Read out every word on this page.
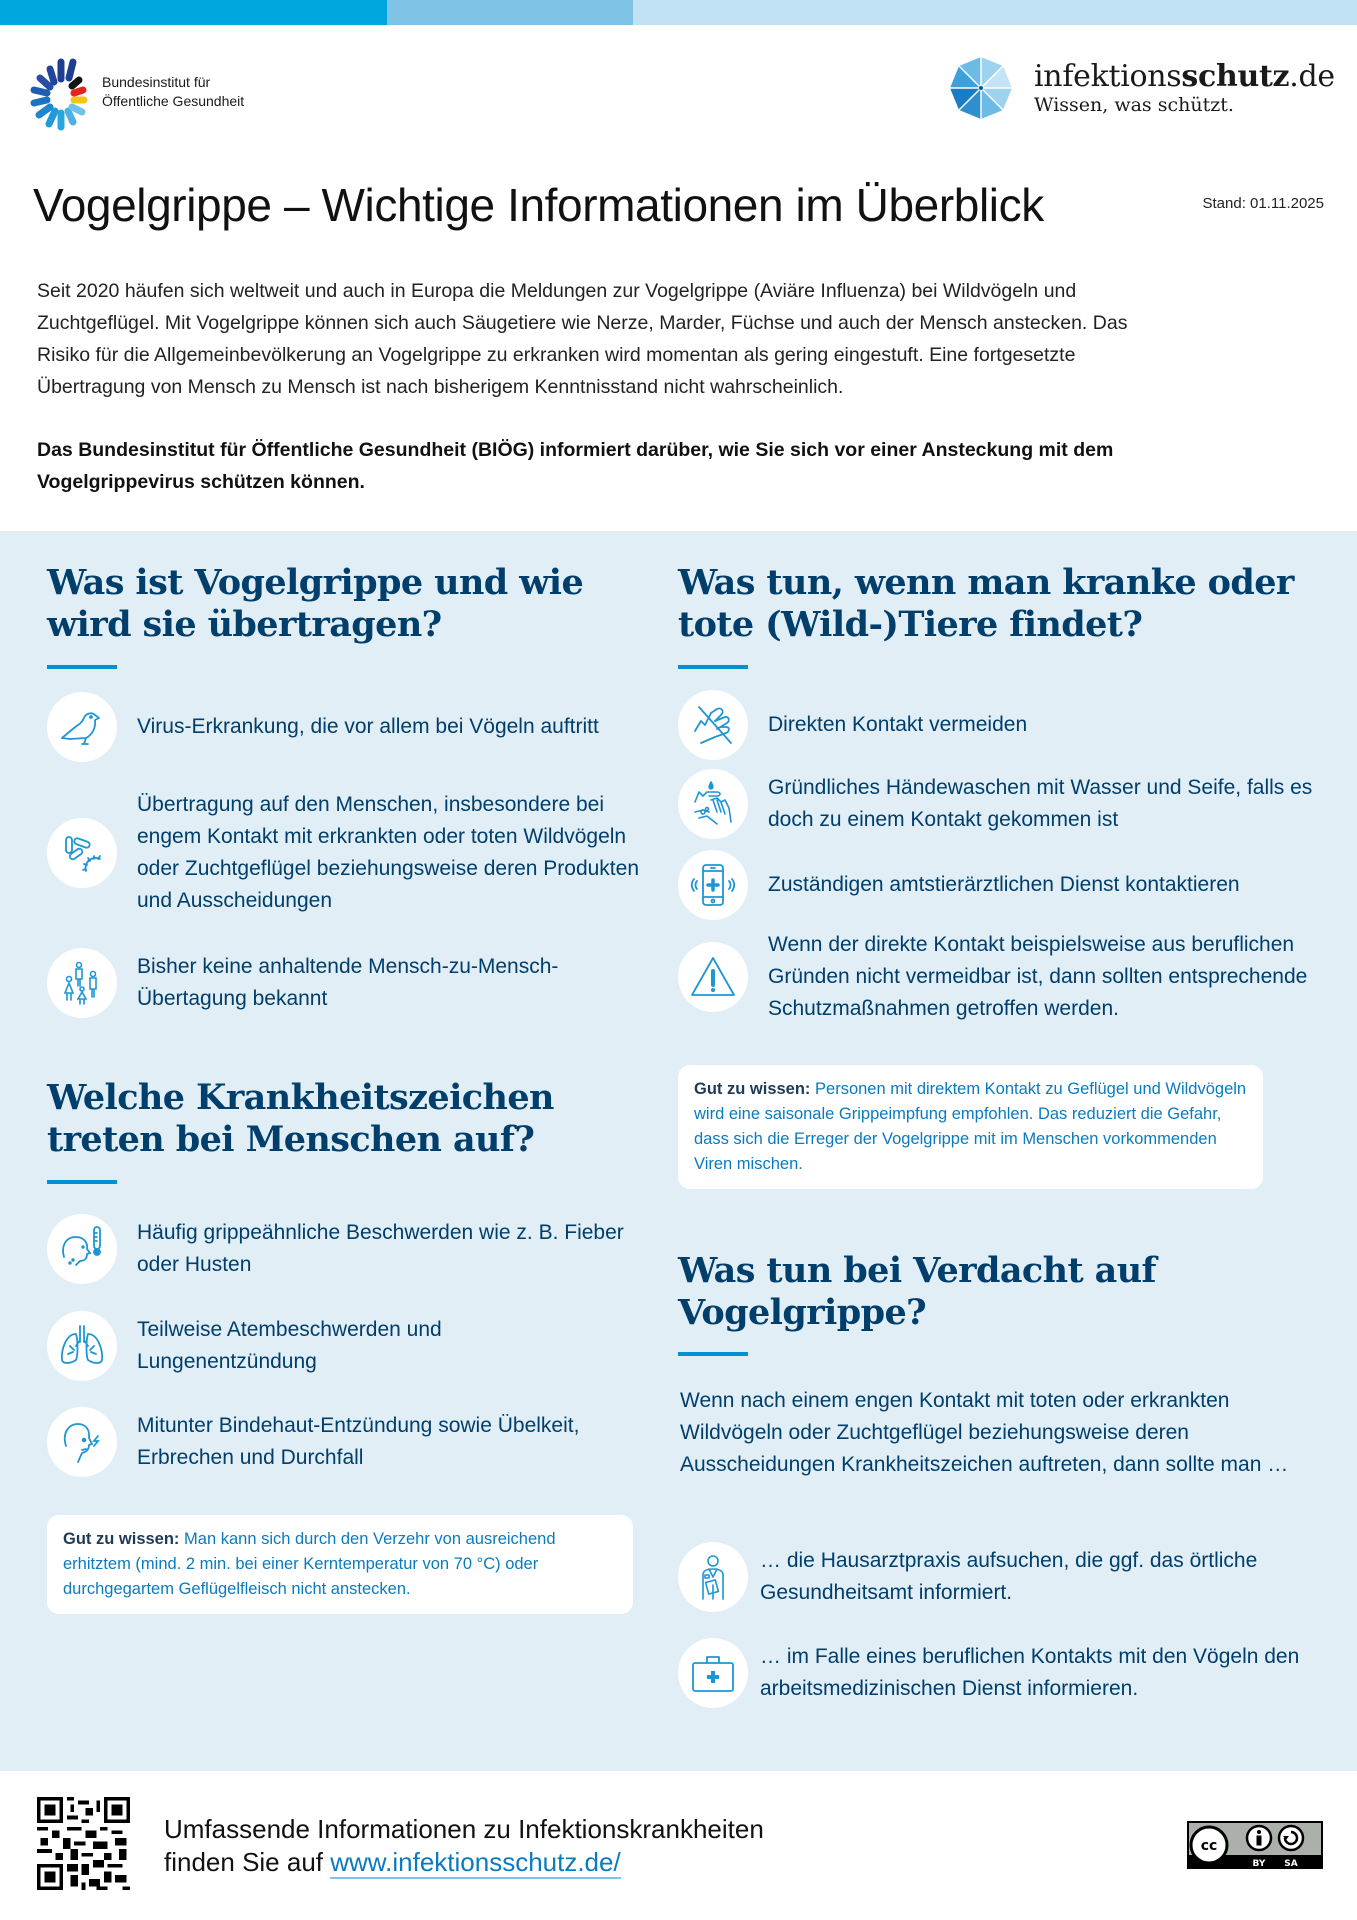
Bundesinstitut für
Öffentliche Gesundheit
infektionsschutz.de
Wissen, was schützt.
Vogelgrippe – Wichtige Informationen im Überblick	Stand: 01.11.2025

Seit 2020 häufen sich weltweit und auch in Europa die Meldungen zur Vogelgrippe (Aviäre Influenza) bei Wildvögeln und Zuchtgeflügel. Mit Vogelgrippe können sich auch Säugetiere wie Nerze, Marder, Füchse und auch der Mensch anstecken. Das Risiko für die Allgemeinbevölkerung an Vogelgrippe zu erkranken wird momentan als gering eingestuft. Eine fortgesetzte Übertragung von Mensch zu Mensch ist nach bisherigem Kenntnisstand nicht wahrscheinlich.

Das Bundesinstitut für Öffentliche Gesundheit (BIÖG) informiert darüber, wie Sie sich vor einer Ansteckung mit dem Vogelgrippevirus schützen können.

Was ist Vogelgrippe und wie wird sie übertragen?
Virus-Erkrankung, die vor allem bei Vögeln auftritt
Übertragung auf den Menschen, insbesondere bei engem Kontakt mit erkrankten oder toten Wildvögeln oder Zuchtgeflügel beziehungsweise deren Produkten und Ausscheidungen
Bisher keine anhaltende Mensch-zu-Mensch-Übertagung bekannt
Welche Krankheitszeichen treten bei Menschen auf?
Häufig grippeähnliche Beschwerden wie z. B. Fieber oder Husten
Teilweise Atembeschwerden und Lungenentzündung
Mitunter Bindehaut-Entzündung sowie Übelkeit, Erbrechen und Durchfall
Gut zu wissen: Man kann sich durch den Verzehr von ausreichend erhitztem (mind. 2 min. bei einer Kerntemperatur von 70 °C) oder durchgegartem Geflügelfleisch nicht anstecken.
Was tun, wenn man kranke oder tote (Wild-)Tiere findet?
Direkten Kontakt vermeiden
Gründliches Händewaschen mit Wasser und Seife, falls es doch zu einem Kontakt gekommen ist
Zuständigen amtstierärztlichen Dienst kontaktieren
Wenn der direkte Kontakt beispielsweise aus beruflichen Gründen nicht vermeidbar ist, dann sollten entsprechende Schutzmaßnahmen getroffen werden.
Gut zu wissen: Personen mit direktem Kontakt zu Geflügel und Wildvögeln wird eine saisonale Grippeimpfung empfohlen. Das reduziert die Gefahr, dass sich die Erreger der Vogelgrippe mit im Menschen vorkommenden Viren mischen.
Was tun bei Verdacht auf Vogelgrippe?

Wenn nach einem engen Kontakt mit toten oder erkrankten Wildvögeln oder Zuchtgeflügel beziehungsweise deren Ausscheidungen Krankheitszeichen auftreten, dann sollte man …

… die Hausarztpraxis aufsuchen, die ggf. das örtliche Gesundheitsamt informiert.
… im Falle eines beruflichen Kontakts mit den Vögeln den arbeitsmedizinischen Dienst informieren.
Umfassende Informationen zu Infektionskrankheiten
finden Sie auf www.infektionsschutz.de/
cc
BY SA
